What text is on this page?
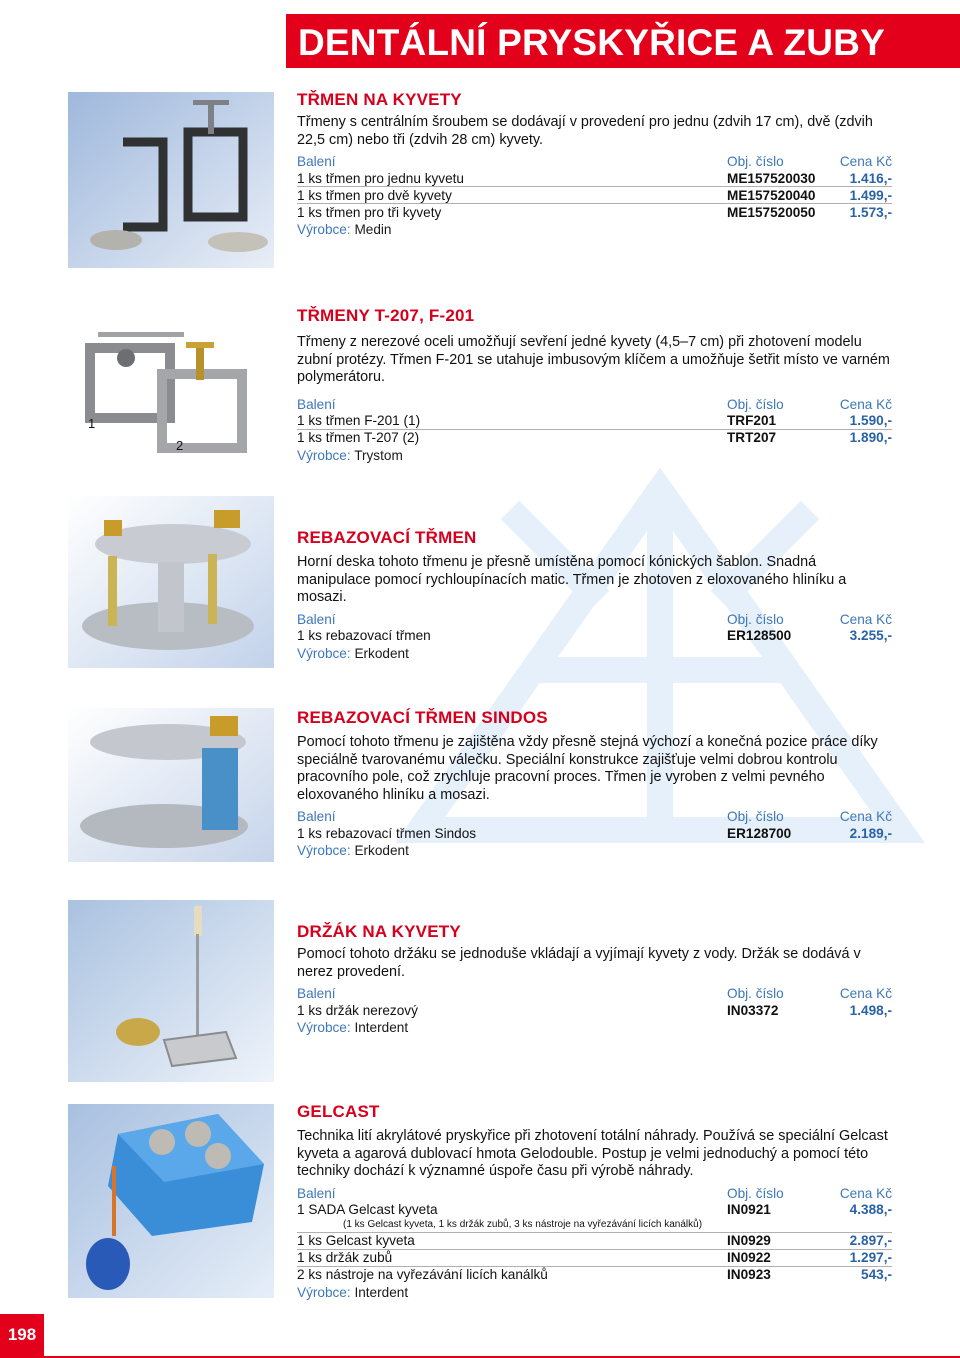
DENTÁLNÍ PRYSKYŘICE A ZUBY
TŘMEN NA KYVETY

Třmeny s centrálním šroubem se dodávají v provedení pro jednu (zdvih 17 cm), dvě (zdvih 22,5 cm) nebo tři (zdvih 28 cm) kyvety.

Balení	Obj. číslo	Cena Kč
1 ks třmen pro jednu kyvetu	ME157520030	1.416,-
1 ks třmen pro dvě kyvety	ME157520040	1.499,-
1 ks třmen pro tři kyvety	ME157520050	1.573,-
Výrobce: Medin
1
2
TŘMENY T-207, F-201

Třmeny z nerezové oceli umožňují sevření jedné kyvety (4,5–7 cm) při zhotovení modelu zubní protézy. Třmen F-201 se utahuje imbusovým klíčem a umožňuje šetřit místo ve varném polymerátoru.

Balení	Obj. číslo	Cena Kč
1 ks třmen F-201 (1)	TRF201	1.590,-
1 ks třmen T-207 (2)	TRT207	1.890,-
Výrobce: Trystom
REBAZOVACÍ TŘMEN

Horní deska tohoto třmenu je přesně umístěna pomocí kónických šablon. Snadná manipulace pomocí rychloupínacích matic. Třmen je zhotoven z eloxovaného hliníku a mosazi.

Balení	Obj. číslo	Cena Kč
1 ks rebazovací třmen	ER128500	3.255,-
Výrobce: Erkodent
REBAZOVACÍ TŘMEN SINDOS

Pomocí tohoto třmenu je zajištěna vždy přesně stejná výchozí a konečná pozice práce díky speciálně tvarovanému válečku. Speciální konstrukce zajišťuje velmi dobrou kontrolu pracovního pole, což zrychluje pracovní proces. Třmen je vyroben z velmi pevného eloxovaného hliníku a mosazi.

Balení	Obj. číslo	Cena Kč
1 ks rebazovací třmen Sindos	ER128700	2.189,-
Výrobce: Erkodent
DRŽÁK NA KYVETY

Pomocí tohoto držáku se jednoduše vkládají a vyjímají kyvety z vody. Držák se dodává v nerez provedení.

Balení	Obj. číslo	Cena Kč
1 ks držák nerezový	IN03372	1.498,-
Výrobce: Interdent
GELCAST

Technika lití akrylátové pryskyřice při zhotovení totální náhrady. Používá se speciální Gelcast kyveta a agarová dublovací hmota Gelodouble. Postup je velmi jednoduchý a pomocí této techniky dochází k významné úspoře času při výrobě náhrady.

Balení	Obj. číslo	Cena Kč
1 SADA Gelcast kyveta	IN0921	4.388,-
(1 ks Gelcast kyveta, 1 ks držák zubů, 3 ks nástroje na vyřezávání licích kanálků)		
1 ks Gelcast kyveta	IN0929	2.897,-
1 ks držák zubů	IN0922	1.297,-
2 ks nástroje na vyřezávání licích kanálků	IN0923	543,-
Výrobce: Interdent
198
